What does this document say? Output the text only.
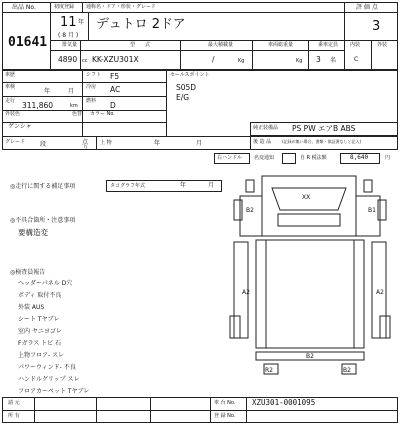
出品 No.
01641
初度登録 通称名・ドア・形状・グレード
11 年
( 8 月 )
デュトロ 2ドア
排気量	型　　式	最大積載量	車両総重量	乗車定員
4890 cc KK-XZU301X	/	Kg	Kg 3 名
評 価 点
3
内装	外装
C
車歴	シフト F5
車検
年	月
冷房 AC
走行 311,860	km
燃料 D
外装色
ゲンシャ
色替 カラー No.
セールスポイント
S05D
E/G
純正装備品 PS PW エアB ABS
グレード 段	点
り
上 物	年	月	後 造 品	(記録が無い場合、書類・保証書なしと記入)
右ハンドル 名変通知	自 R 税法額	8,640	円
◎走行に関する補足事項	タコグラフ年式	年	月
◎不具合箇所・注意事項
要構造変
◎検査員報告
ヘッダーパネル D穴
ボディ 取付不良
外装 AUS
シート Tヤブレ
室内 ヤニヨゴレ
Fガラス トビ 石
上物フロア- スレ
パワーウィンド- 不良
ハンドルグリップ スレ
フロアカーペット Tヤブレ
XX
B2	B1
A2	A2
B2
R2	B2
請 元
所 有
車 台 No. XZU301-0001095
登 録 No.
